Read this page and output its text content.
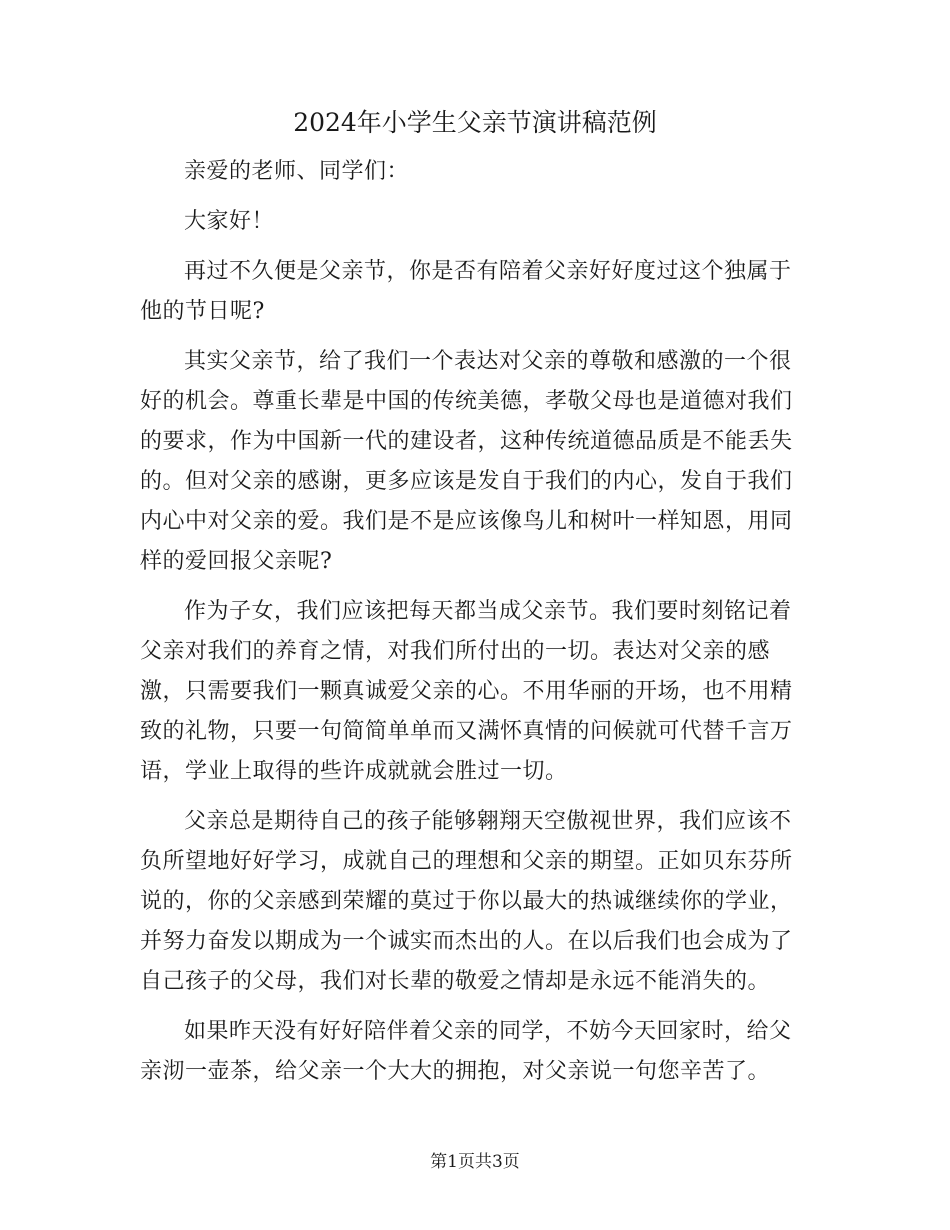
2024年小学生父亲节演讲稿范例

亲爱的老师、同学们：

大家好！

再过不久便是父亲节，你是否有陪着父亲好好度过这个独属于他的节日呢?

其实父亲节，给了我们一个表达对父亲的尊敬和感激的一个很好的机会。尊重长辈是中国的传统美德，孝敬父母也是道德对我们的要求，作为中国新一代的建设者，这种传统道德品质是不能丢失的。但对父亲的感谢，更多应该是发自于我们的内心，发自于我们内心中对父亲的爱。我们是不是应该像鸟儿和树叶一样知恩，用同样的爱回报父亲呢?

作为子女，我们应该把每天都当成父亲节。我们要时刻铭记着父亲对我们的养育之情，对我们所付出的一切。表达对父亲的感激，只需要我们一颗真诚爱父亲的心。不用华丽的开场，也不用精致的礼物，只要一句简简单单而又满怀真情的问候就可代替千言万语，学业上取得的些许成就就会胜过一切。

父亲总是期待自己的孩子能够翱翔天空傲视世界，我们应该不负所望地好好学习，成就自己的理想和父亲的期望。正如贝东芬所说的，你的父亲感到荣耀的莫过于你以最大的热诚继续你的学业，并努力奋发以期成为一个诚实而杰出的人。在以后我们也会成为了自己孩子的父母，我们对长辈的敬爱之情却是永远不能消失的。

如果昨天没有好好陪伴着父亲的同学，不妨今天回家时，给父亲沏一壶茶，给父亲一个大大的拥抱，对父亲说一句您辛苦了。

第1页共3页
